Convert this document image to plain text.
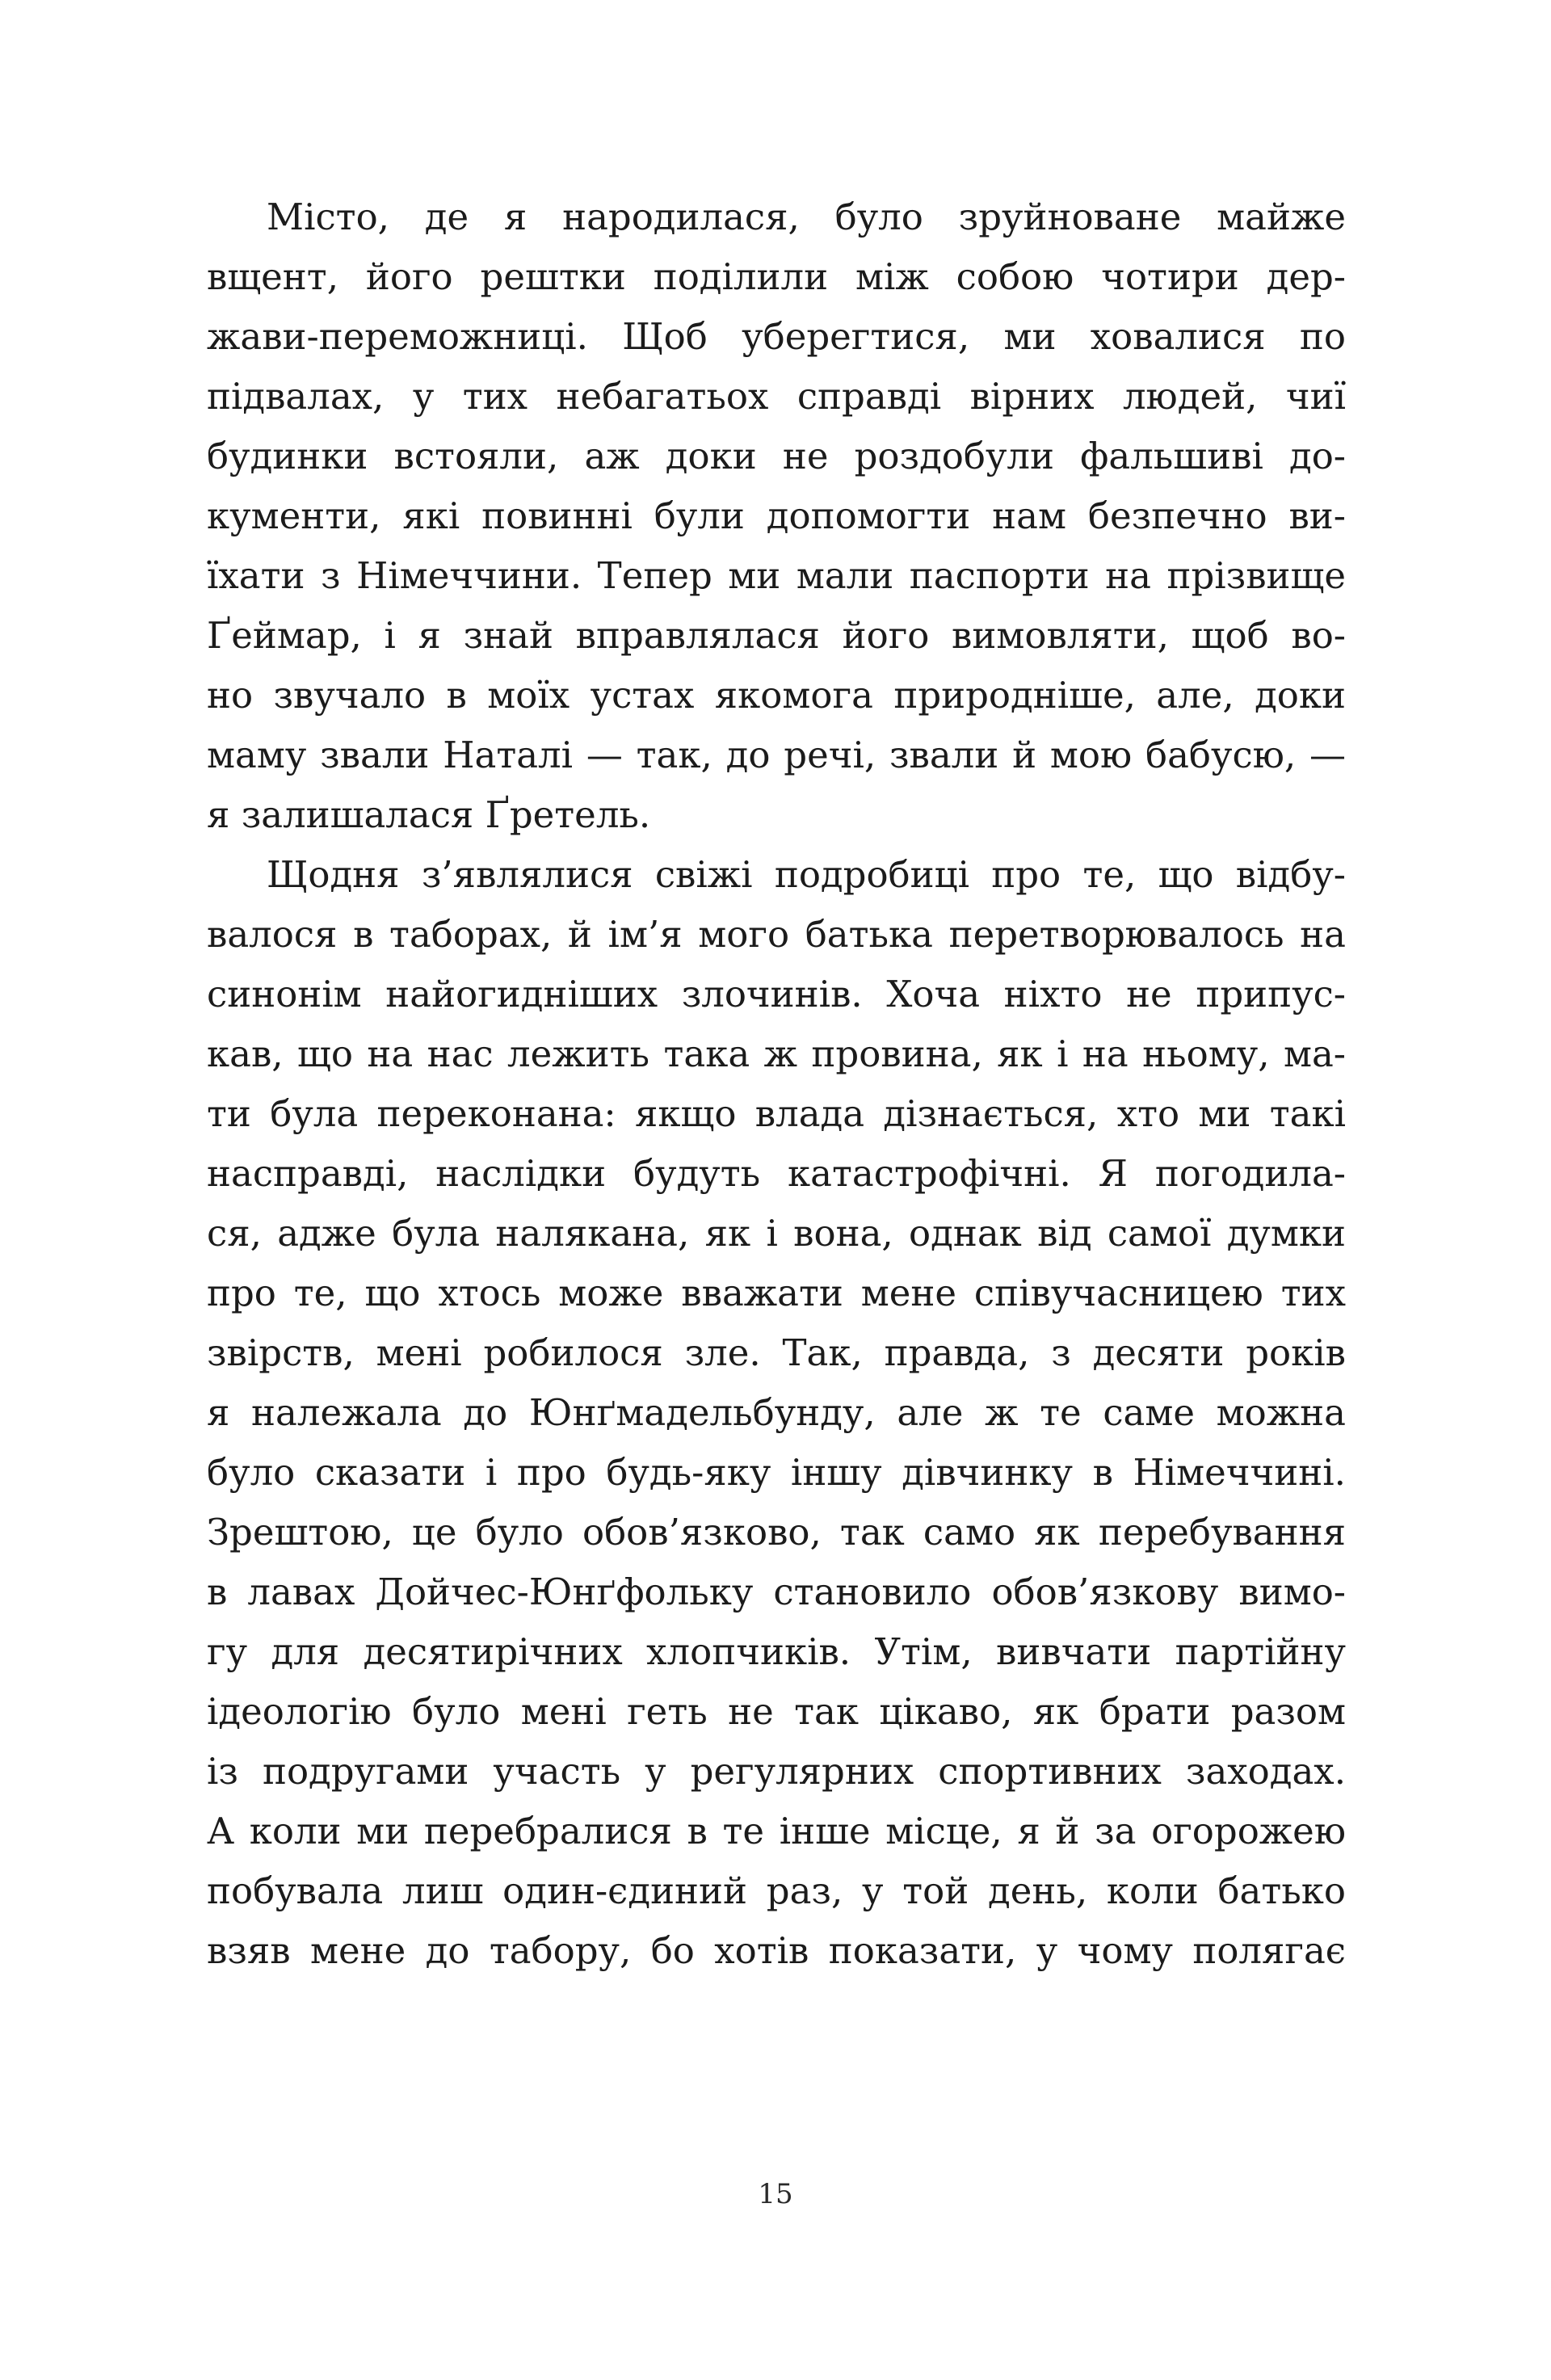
Місто, де я народилася, було зруйноване майже
вщент, його рештки поділили між собою чотири дер-
жави-переможниці. Щоб уберегтися, ми ховалися по
підвалах, у тих небагатьох справді вірних людей, чиї
будинки встояли, аж доки не роздобули фальшиві до-
кументи, які повинні були допомогти нам безпечно ви-
їхати з Німеччини. Тепер ми мали паспорти на прізвище
Ґеймар, і я знай вправлялася його вимовляти, щоб во-
но звучало в моїх устах якомога природніше, але, доки
маму звали Наталі — так, до речі, звали й мою бабусю, —
я залишалася Ґретель.
Щодня з’являлися свіжі подробиці про те, що відбу-
валося в таборах, й ім’я мого батька перетворювалось на
синонім найогидніших злочинів. Хоча ніхто не припус-
кав, що на нас лежить така ж провина, як і на ньому, ма-
ти була переконана: якщо влада дізнається, хто ми такі
насправді, наслідки будуть катастрофічні. Я погодила-
ся, адже була налякана, як і вона, однак від самої думки
про те, що хтось може вважати мене співучасницею тих
звірств, мені робилося зле. Так, правда, з десяти років
я належала до Юнґмадельбунду, але ж те саме можна
було сказати і про будь-яку іншу дівчинку в Німеччині.
Зрештою, це було обов’язково, так само як перебування
в лавах Дойчес-Юнґфольку становило обов’язкову вимо-
гу для десятирічних хлопчиків. Утім, вивчати партійну
ідеологію було мені геть не так цікаво, як брати разом
із подругами участь у регулярних спортивних заходах.
А коли ми перебралися в те інше місце, я й за огорожею
побувала лиш один-єдиний раз, у той день, коли батько
взяв мене до табору, бо хотів показати, у чому полягає
15
